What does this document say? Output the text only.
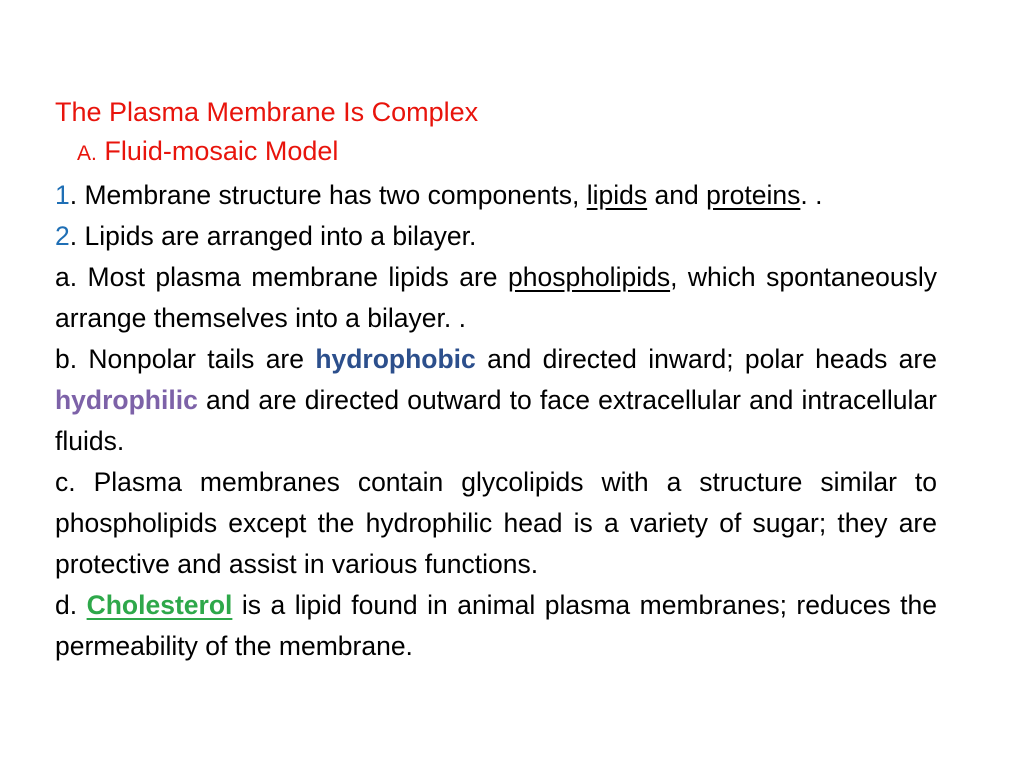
The Plasma Membrane Is Complex

A. Fluid-mosaic Model

1. Membrane structure has two components, lipids and proteins. .

2. Lipids are arranged into a bilayer.

a. Most plasma membrane lipids are phospholipids, which spontaneously arrange themselves into a bilayer. .

b. Nonpolar tails are hydrophobic and directed inward; polar heads are hydrophilic and are directed outward to face extracellular and intracellular fluids.

c. Plasma membranes contain glycolipids with a structure similar to phospholipids except the hydrophilic head is a variety of sugar; they are protective and assist in various functions.

d. Cholesterol is a lipid found in animal plasma membranes; reduces the permeability of the membrane.
